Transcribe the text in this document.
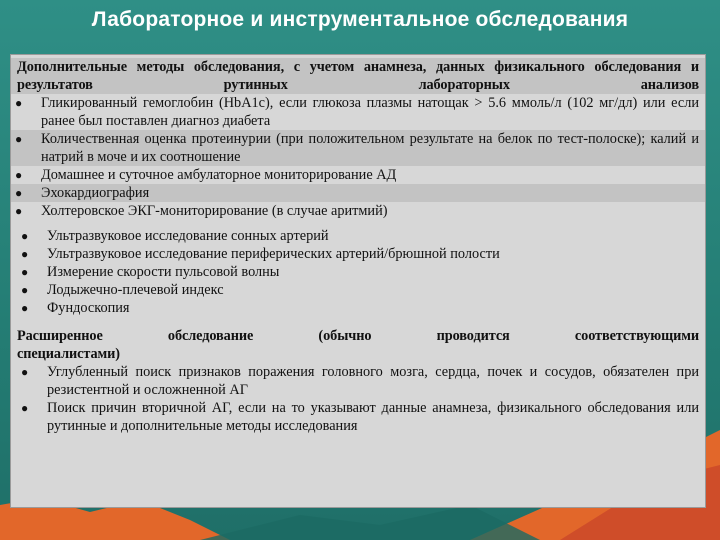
Лабораторное и инструментальное обследования
Дополнительные методы обследования, с учетом анамнеза, данных физикального обследования и результатов рутинных лабораторных анализов
● Гликированный гемоглобин (HbA1c), если глюкоза плазмы натощак > 5.6 ммоль/л (102 мг/дл) или если ранее был поставлен диагноз диабета
● Количественная оценка протеинурии (при положительном результате на белок по тест-полоске); калий и натрий в моче и их соотношение
● Домашнее и суточное амбулаторное мониторирование АД
● Эхокардиография
● Холтеровское ЭКГ-мониторирование (в случае аритмий)
● Ультразвуковое исследование сонных артерий
● Ультразвуковое исследование периферических артерий/брюшной полости
● Измерение скорости пульсовой волны
● Лодыжечно-плечевой индекс
● Фундоскопия
Расширенное обследование (обычно проводится соответствующими
специалистами)
● Углубленный поиск признаков поражения головного мозга, сердца, почек и сосудов, обязателен при резистентной и осложненной АГ
● Поиск причин вторичной АГ, если на то указывают данные анамнеза, физикального обследования или рутинные и дополнительные методы исследования
